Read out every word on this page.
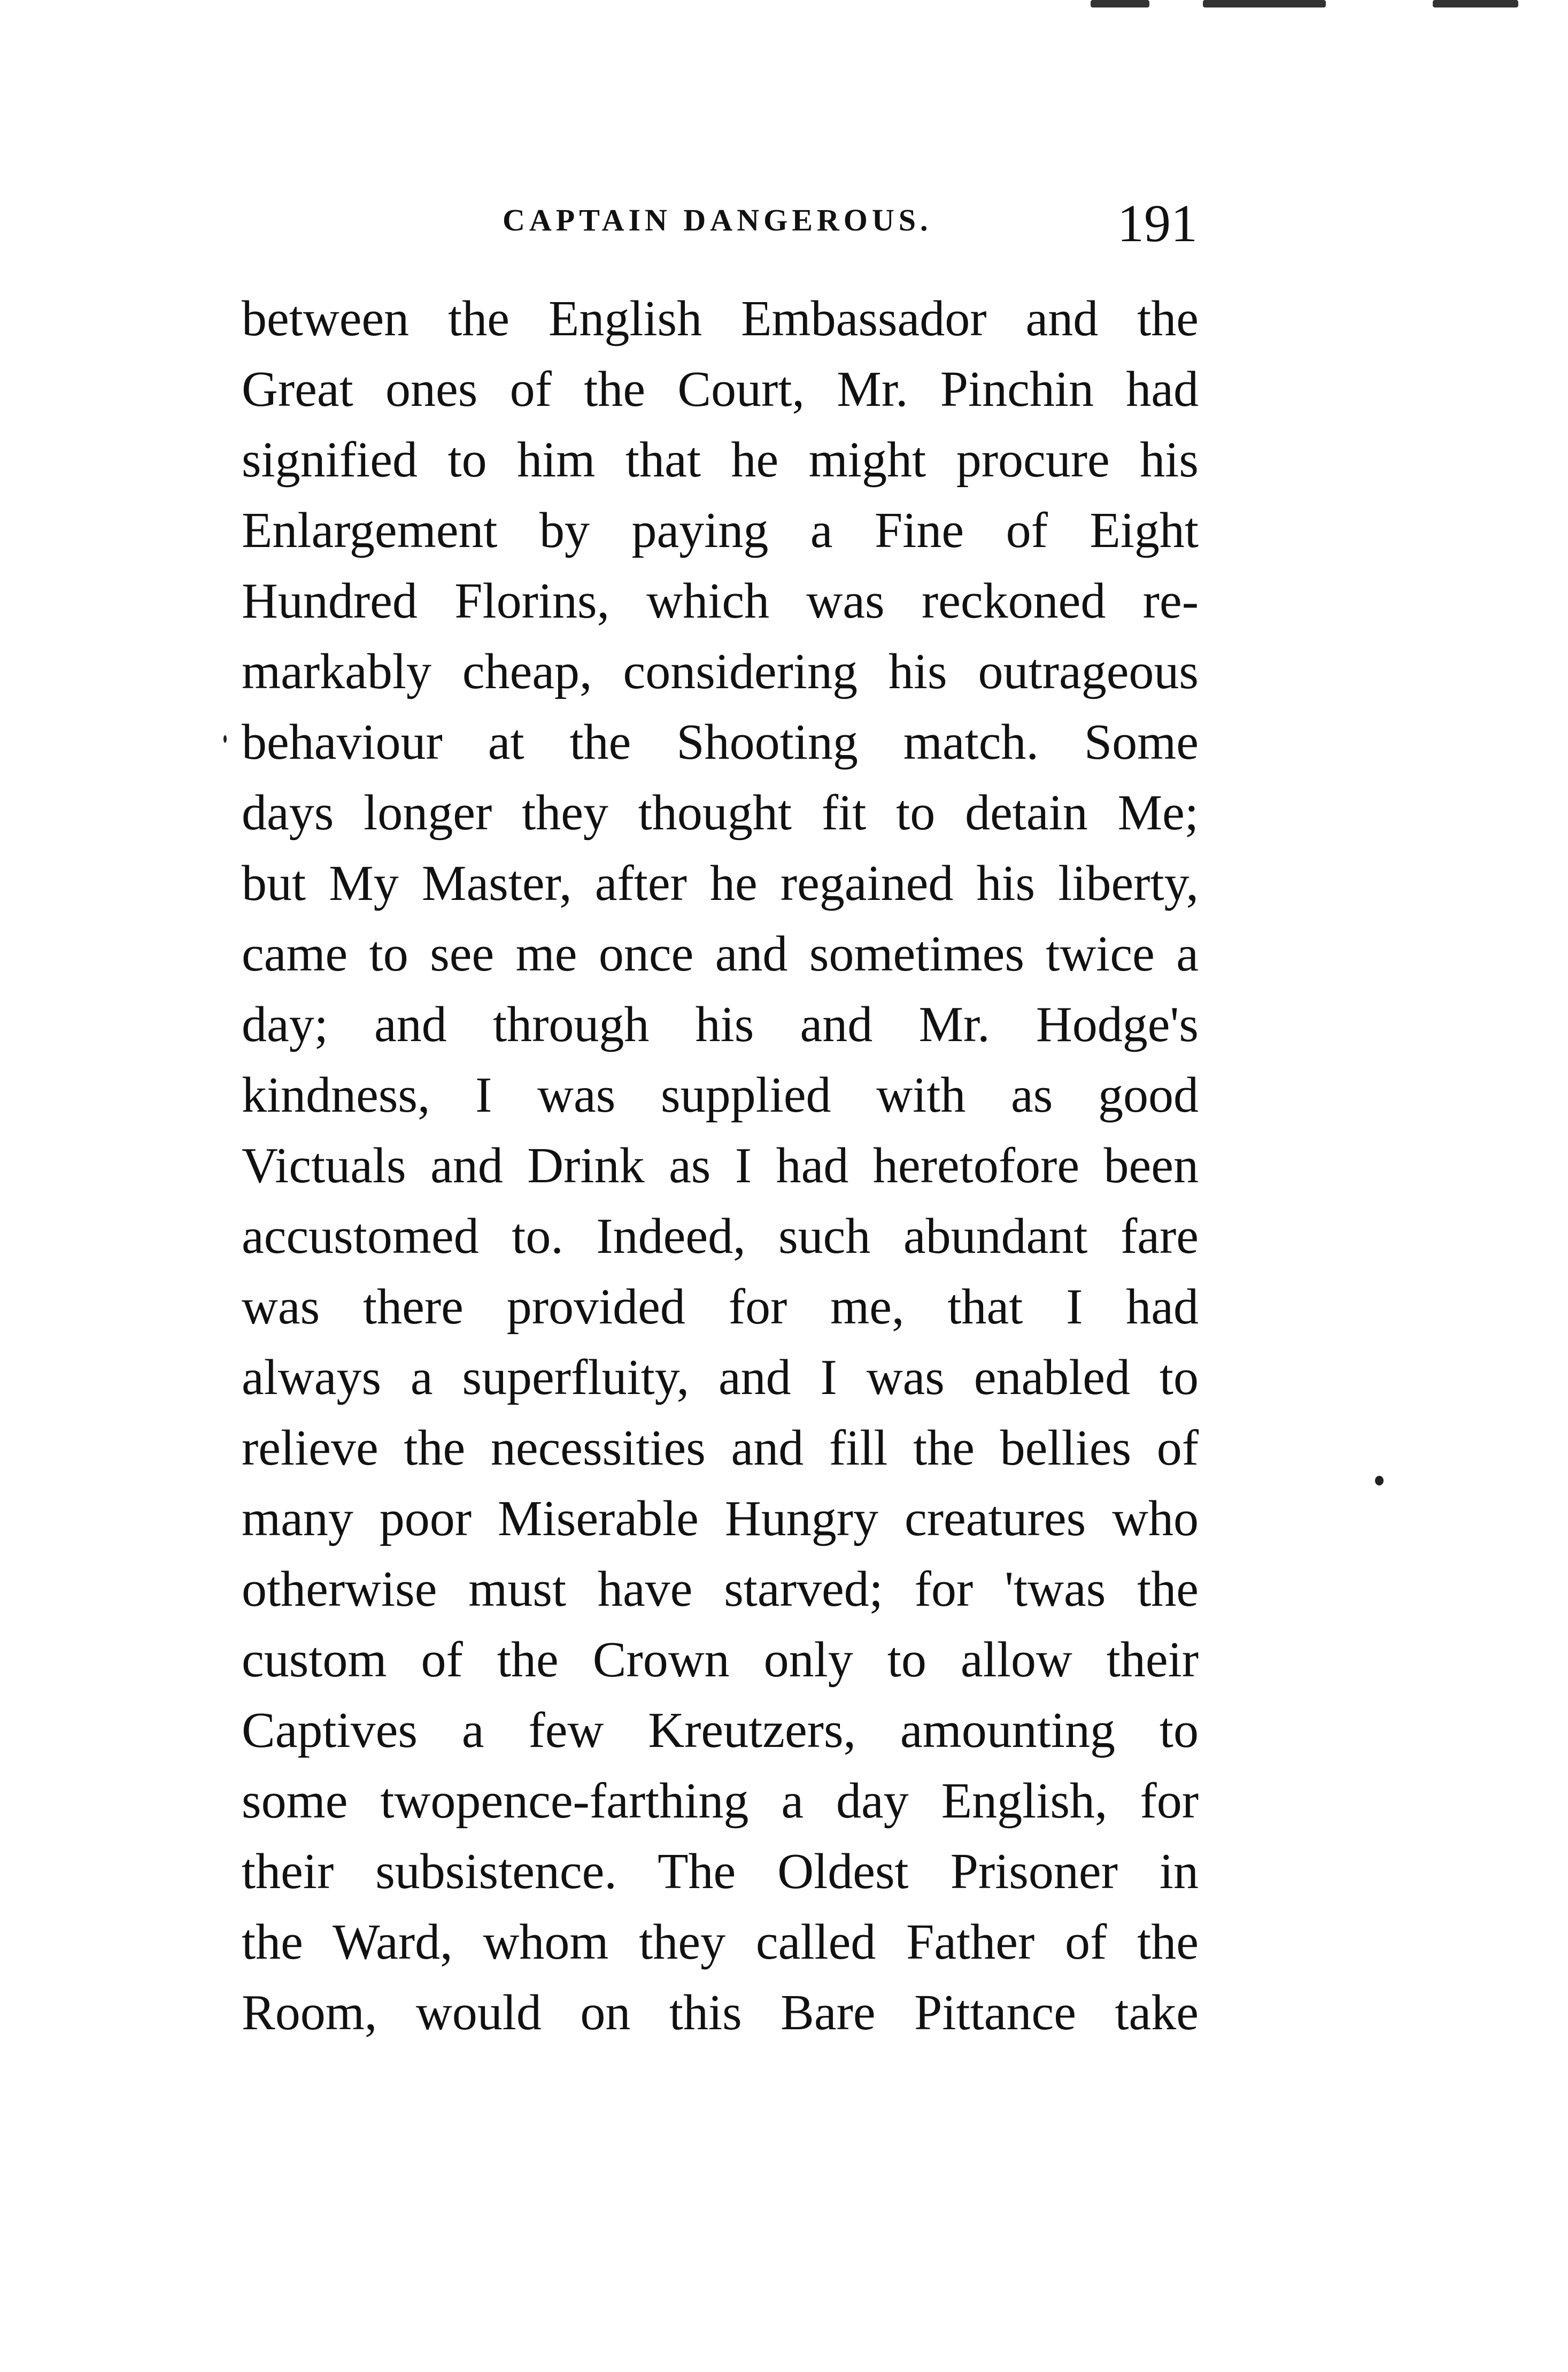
CAPTAIN DANGEROUS.	191
between the English Embassador and the
Great ones of the Court, Mr. Pinchin had
signified to him that he might procure his
Enlargement by paying a Fine of Eight
Hundred Florins, which was reckoned re-
markably cheap, considering his outrageous
behaviour at the Shooting match. Some
days longer they thought fit to detain Me;
but My Master, after he regained his liberty,
came to see me once and sometimes twice a
day; and through his and Mr. Hodge's
kindness, I was supplied with as good
Victuals and Drink as I had heretofore been
accustomed to. Indeed, such abundant fare
was there provided for me, that I had
always a superfluity, and I was enabled to
relieve the necessities and fill the bellies of
many poor Miserable Hungry creatures who
otherwise must have starved; for 'twas the
custom of the Crown only to allow their
Captives a few Kreutzers, amounting to
some twopence-farthing a day English, for
their subsistence. The Oldest Prisoner in
the Ward, whom they called Father of the
Room, would on this Bare Pittance take
